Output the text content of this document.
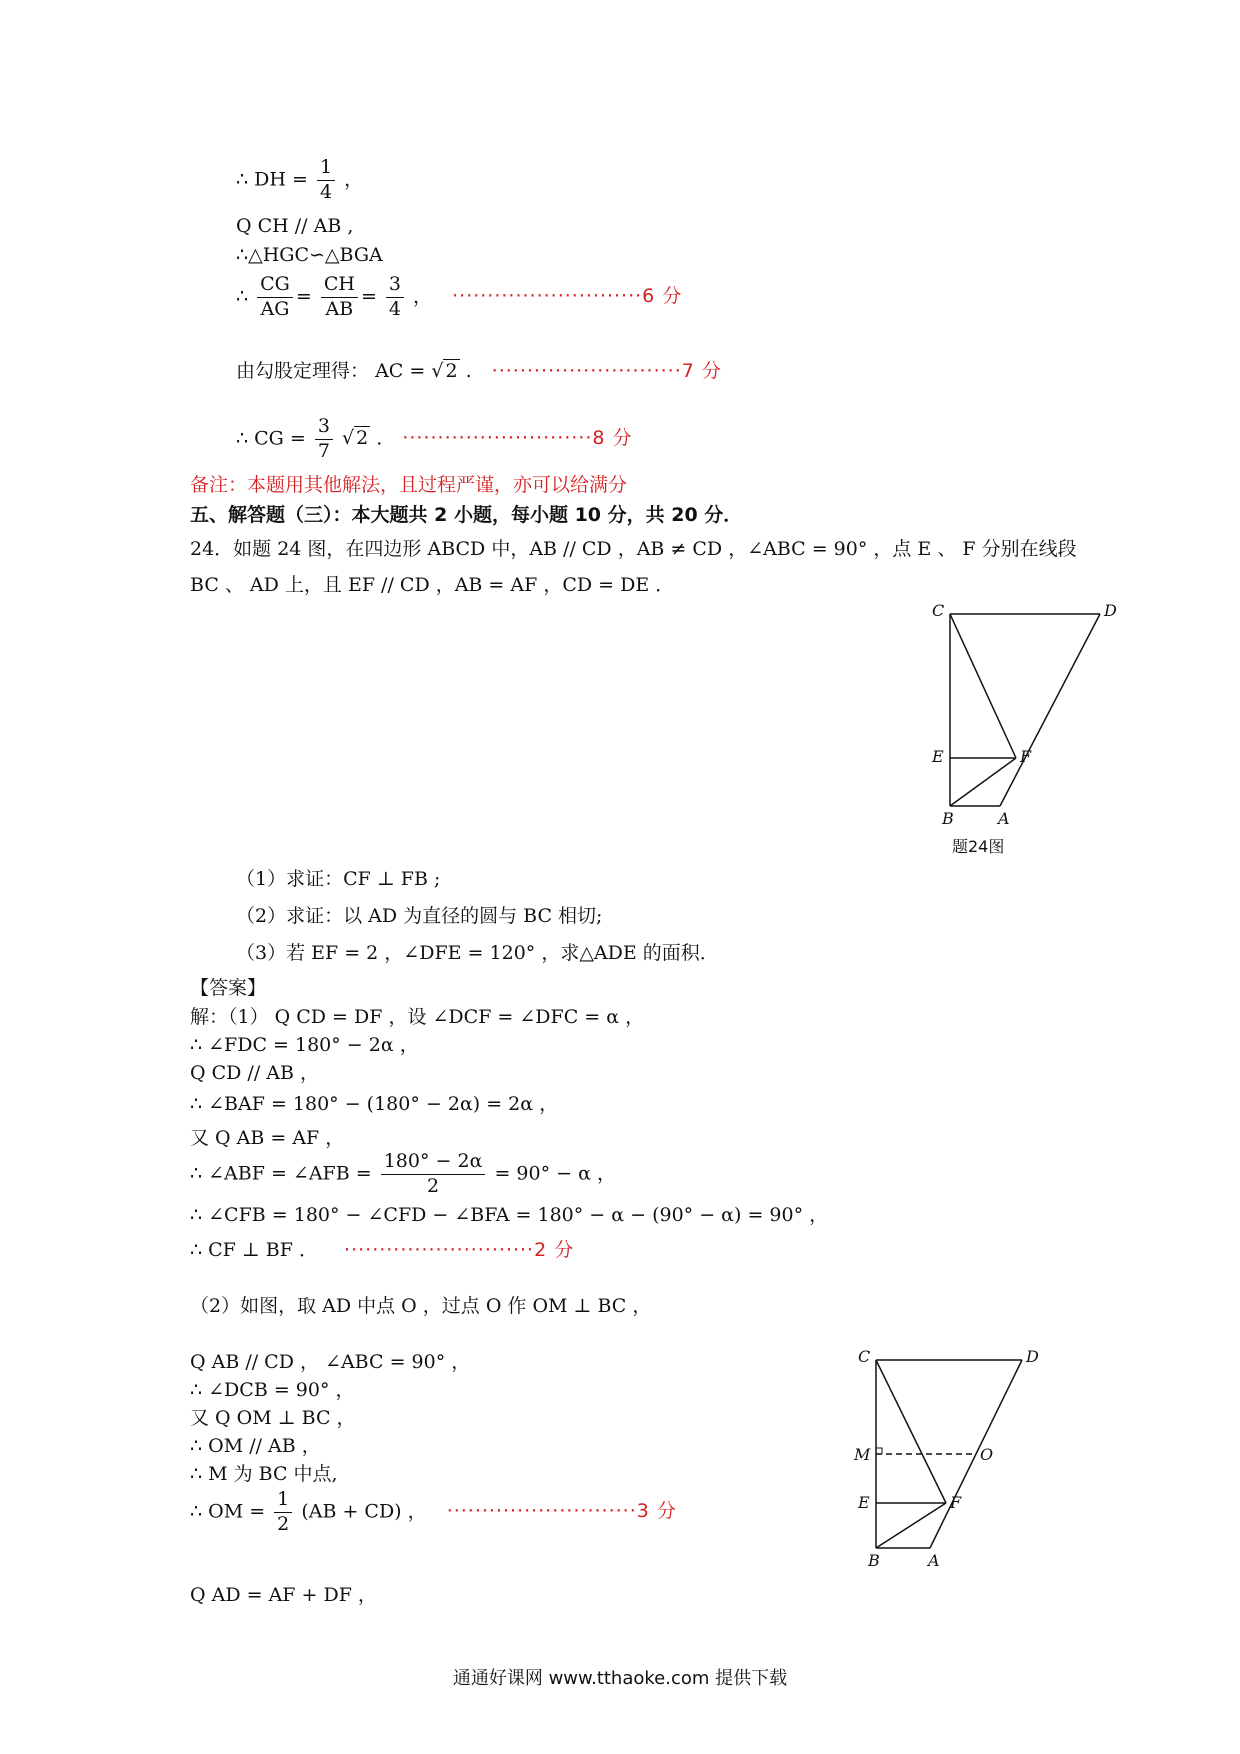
∴ DH = $\frac{1}{4}$ ，
Q CH // AB ,
∴△HGC∽△BGA
∴ $\frac{CG}{AG} = \frac{CH}{AB} = \frac{3}{4}$ ， ···························6 分
由勾股定理得： AC = √ 2 . ···························7 分
∴ CG = $\frac{3}{7}$ √ 2 . ···························8 分
备注：本题用其他解法，且过程严谨，亦可以给满分
五、解答题（三）：本大题共 2 小题，每小题 10 分，共 20 分．
24．如题 24 图，在四边形 ABCD 中，AB // CD ，AB ≠ CD ，∠ABC = 90° ，点 E 、 F 分别在线段
BC 、 AD 上，且 EF // CD ，AB = AF ，CD = DE ．
C	D
E	F
B	A
题24图
（1）求证：CF ⊥ FB ;
（2）求证：以 AD 为直径的圆与 BC 相切;
（3）若 EF = 2 ，∠DFE = 120° ，求△ADE 的面积．
【答案】
解：（1） Q CD = DF ，设 ∠DCF = ∠DFC = α ，
∴ ∠FDC = 180° − 2α ，
Q CD // AB ，
∴ ∠BAF = 180° − (180° − 2α) = 2α ，
又 Q AB = AF ，
∴ ∠ABF = ∠AFB = $\frac{180^\circ - 2\alpha}{2} = 90^\circ - \alpha$ ，
∴ ∠CFB = 180° − ∠CFD − ∠BFA = 180° − α − (90° − α) = 90° ，
∴ CF ⊥ BF ． ···························2 分
（2）如图，取 AD 中点 O ，过点 O 作 OM ⊥ BC ，
Q AB // CD ， ∠ABC = 90° ，
∴ ∠DCB = 90° ，
又 Q OM ⊥ BC ，
∴ OM // AB ，
∴ M 为 BC 中点,
∴ OM = $\frac{1}{2} (AB + CD)$ ， ···························3 分
Q AD = AF + DF ，
C	D
M	O
E	F
B	A
通通好课网 www.tthaoke.com 提供下载
